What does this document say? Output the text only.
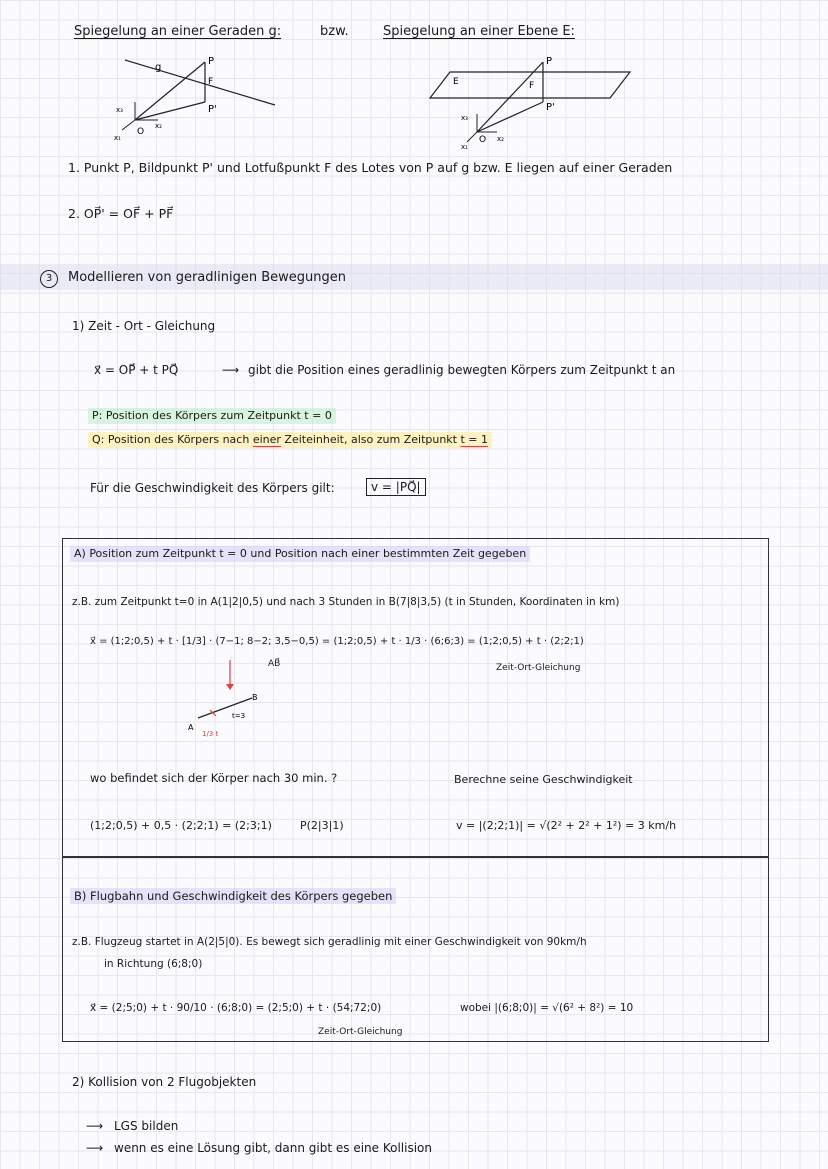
Spiegelung an einer Geraden g:	bzw.	Spiegelung an einer Ebene E:
g
P
F
P'
O
x₃
x₂
x₁
E
P
F
P'
O
x₃
x₂
x₁
1. Punkt P, Bildpunkt P' und Lotfußpunkt F des Lotes von P auf g bzw. E liegen auf einer Geraden
2. OP⃗' = OF⃗ + PF⃗
3	Modellieren von geradlinigen Bewegungen
1) Zeit - Ort - Gleichung
x⃗ = OP⃗ + t PQ⃗	⟶ gibt die Position eines geradlinig bewegten Körpers zum Zeitpunkt t an
P: Position des Körpers zum Zeitpunkt t = 0
Q: Position des Körpers nach einer Zeiteinheit, also zum Zeitpunkt t = 1
Für die Geschwindigkeit des Körpers gilt:	v = |PQ⃗|
A) Position zum Zeitpunkt t = 0 und Position nach einer bestimmten Zeit gegeben
z.B. zum Zeitpunkt t=0 in A(1|2|0,5) und nach 3 Stunden in B(7|8|3,5) (t in Stunden, Koordinaten in km)
x⃗ = (1;2;0,5) + t · [1/3] · (7−1; 8−2; 3,5−0,5) = (1;2;0,5) + t · 1/3 · (6;6;3) = (1;2;0,5) + t · (2;2;1)
AB⃗	Zeit-Ort-Gleichung
A
B
t=3
1/3 t
wo befindet sich der Körper nach 30 min. ?	Berechne seine Geschwindigkeit
(1;2;0,5) + 0,5 · (2;2;1) = (2;3;1)	P(2|3|1)	v = |(2;2;1)| = √(2² + 2² + 1²) = 3 km/h
B) Flugbahn und Geschwindigkeit des Körpers gegeben
z.B. Flugzeug startet in A(2|5|0). Es bewegt sich geradlinig mit einer Geschwindigkeit von 90km/h
in Richtung (6;8;0)
x⃗ = (2;5;0) + t · 90/10 · (6;8;0) = (2;5;0) + t · (54;72;0)
Zeit-Ort-Gleichung
wobei |(6;8;0)| = √(6² + 8²) = 10
2) Kollision von 2 Flugobjekten
⟶ LGS bilden
⟶ wenn es eine Lösung gibt, dann gibt es eine Kollision
